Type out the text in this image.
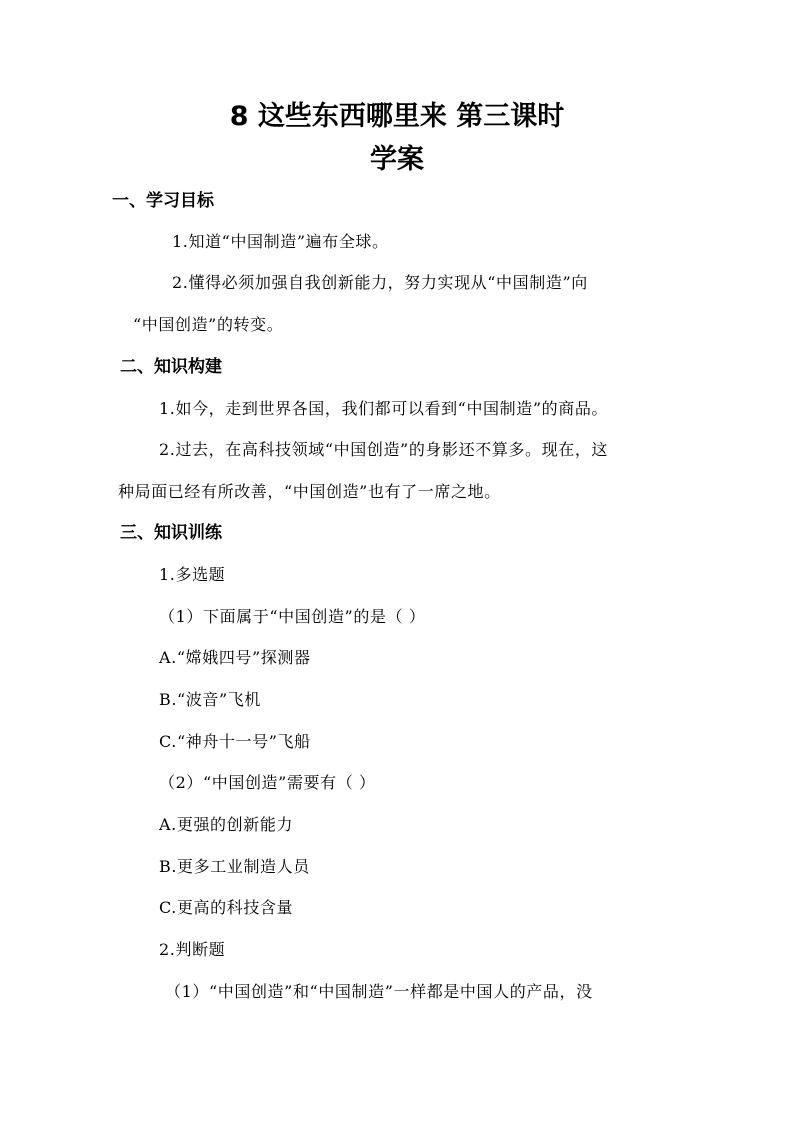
8 这些东西哪里来 第三课时
学案
一、学习目标
1.知道“中国制造”遍布全球。
2.懂得必须加强自我创新能力，努力实现从“中国制造”向
“中国创造”的转变。
二、知识构建
1.如今，走到世界各国，我们都可以看到“中国制造”的商品。
2.过去，在高科技领域“中国创造”的身影还不算多。现在，这
种局面已经有所改善，“中国创造”也有了一席之地。
三、知识训练
1.多选题
（1）下面属于“中国创造”的是（ ）
A.“嫦娥四号”探测器
B.“波音”飞机
C.“神舟十一号”飞船
（2）“中国创造”需要有（ ）
A.更强的创新能力
B.更多工业制造人员
C.更高的科技含量
2.判断题
（1）“中国创造”和“中国制造”一样都是中国人的产品，没
